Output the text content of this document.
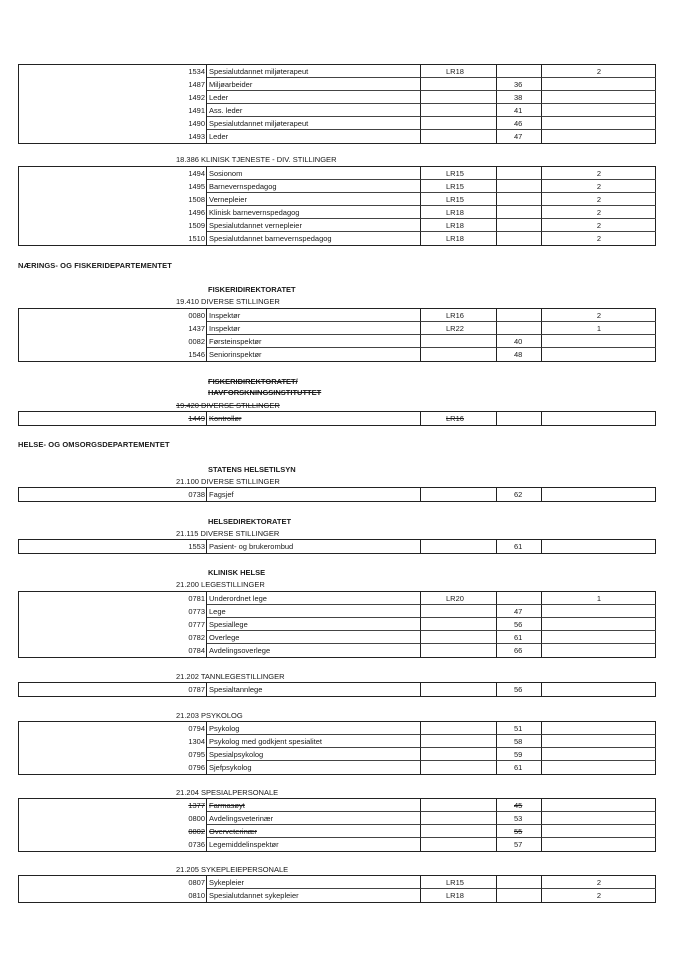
1534 Spesialutdannet miljøterapeut	LR18	2
1487 Miljøarbeider	36
1492 Leder	38
1491 Ass. leder	41
1490 Spesialutdannet miljøterapeut	46
1493 Leder	47
18.386 KLINISK TJENESTE - DIV. STILLINGER
1494 Sosionom	LR15	2
1495 Barnevernspedagog	LR15	2
1508 Vernepleier	LR15	2
1496 Klinisk barnevernspedagog	LR18	2
1509 Spesialutdannet vernepleier	LR18	2
1510 Spesialutdannet barnevernspedagog	LR18	2
NÆRINGS- OG FISKERIDEPARTEMENTET
FISKERIDIREKTORATET
19.410 DIVERSE STILLINGER
0080 Inspektør	LR16	2
1437 Inspektør	LR22	1
0082 Førsteinspektør	40
1546 Seniorinspektør	48
FISKERIDIREKTORATET/
HAVFORSKNINGSINSTITUTTET
19.420 DIVERSE STILLINGER
1449 Kontrollør	LR16
HELSE- OG OMSORGSDEPARTEMENTET
STATENS HELSETILSYN
21.100 DIVERSE STILLINGER
0738 Fagsjef	62
HELSEDIREKTORATET
21.115 DIVERSE STILLINGER
1553 Pasient- og brukerombud	61
KLINISK HELSE
21.200 LEGESTILLINGER
0781 Underordnet lege	LR20	1
0773 Lege	47
0777 Spesiallege	56
0782 Overlege	61
0784 Avdelingsoverlege	66
21.202 TANNLEGESTILLINGER
0787 Spesialtannlege	56
21.203 PSYKOLOG
0794 Psykolog	51
1304 Psykolog med godkjent spesialitet	58
0795 Spesialpsykolog	59
0796 Sjefpsykolog	61
21.204 SPESIALPERSONALE
1377 Farmasøyt	45
0800 Avdelingsveterinær	53
0802 Overveterinær	55
0736 Legemiddelinspektør	57
21.205 SYKEPLEIEPERSONALE
0807 Sykepleier	LR15	2
0810 Spesialutdannet sykepleier	LR18	2
